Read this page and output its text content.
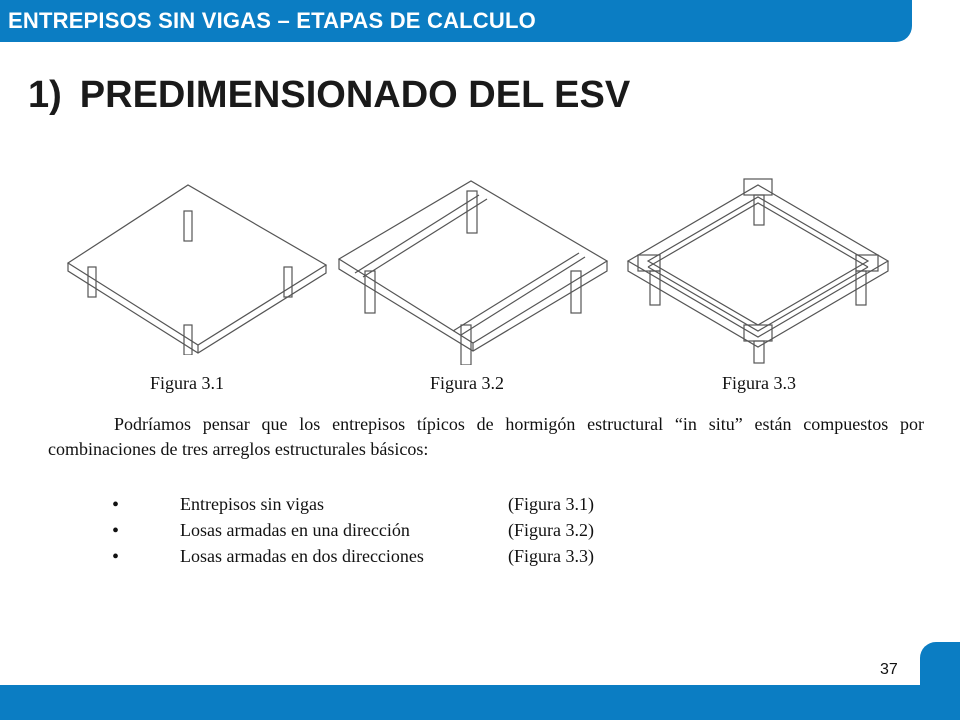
ENTREPISOS SIN VIGAS – ETAPAS DE CALCULO
1) PREDIMENSIONADO DEL ESV
Figura 3.1	Figura 3.2	Figura 3.3
Podríamos pensar que los entrepisos típicos de hormigón estructural “in situ” están compuestos por combinaciones de tres arreglos estructurales básicos:
•	Entrepisos sin vigas	(Figura 3.1)
•	Losas armadas en una dirección	(Figura 3.2)
•	Losas armadas en dos direcciones	(Figura 3.3)
37
